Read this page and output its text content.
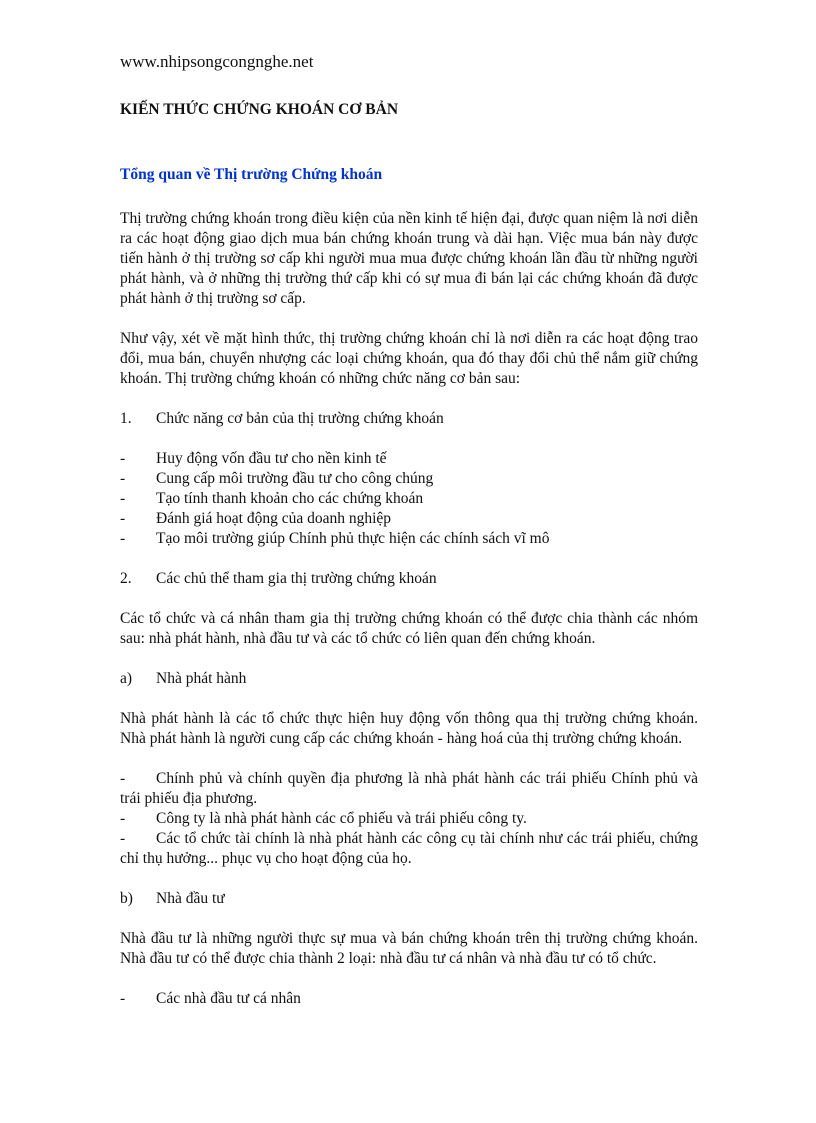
www.nhipsongcongnghe.net
KIẾN THỨC CHỨNG KHOÁN CƠ BẢN
Tổng quan về Thị trường Chứng khoán

Thị trường chứng khoán trong điều kiện của nền kinh tế hiện đại, được quan niệm là nơi diễn ra các hoạt động giao dịch mua bán chứng khoán trung và dài hạn. Việc mua bán này được tiến hành ở thị trường sơ cấp khi người mua mua được chứng khoán lần đầu từ những người phát hành, và ở những thị trường thứ cấp khi có sự mua đi bán lại các chứng khoán đã được phát hành ở thị trường sơ cấp.

Như vậy, xét về mặt hình thức, thị trường chứng khoán chỉ là nơi diễn ra các hoạt động trao đổi, mua bán, chuyển nhượng các loại chứng khoán, qua đó thay đổi chủ thể nắm giữ chứng khoán. Thị trường chứng khoán có những chức năng cơ bản sau:

1.	Chức năng cơ bản của thị trường chứng khoán
-	Huy động vốn đầu tư cho nền kinh tế
-	Cung cấp môi trường đầu tư cho công chúng
-	Tạo tính thanh khoản cho các chứng khoán
-	Đánh giá hoạt động của doanh nghiệp
-	Tạo môi trường giúp Chính phủ thực hiện các chính sách vĩ mô
2.	Các chủ thể tham gia thị trường chứng khoán

Các tổ chức và cá nhân tham gia thị trường chứng khoán có thể được chia thành các nhóm sau: nhà phát hành, nhà đầu tư và các tổ chức có liên quan đến chứng khoán.

a)	Nhà phát hành

Nhà phát hành là các tổ chức thực hiện huy động vốn thông qua thị trường chứng khoán. Nhà phát hành là người cung cấp các chứng khoán - hàng hoá của thị trường chứng khoán.

- Chính phủ và chính quyền địa phương là nhà phát hành các trái phiếu Chính phủ và trái phiếu địa phương.

-	Công ty là nhà phát hành các cổ phiếu và trái phiếu công ty.

- Các tổ chức tài chính là nhà phát hành các công cụ tài chính như các trái phiếu, chứng chỉ thụ hưởng... phục vụ cho hoạt động của họ.

b)	Nhà đầu tư

Nhà đầu tư là những người thực sự mua và bán chứng khoán trên thị trường chứng khoán. Nhà đầu tư có thể được chia thành 2 loại: nhà đầu tư cá nhân và nhà đầu tư có tổ chức.

-	Các nhà đầu tư cá nhân
